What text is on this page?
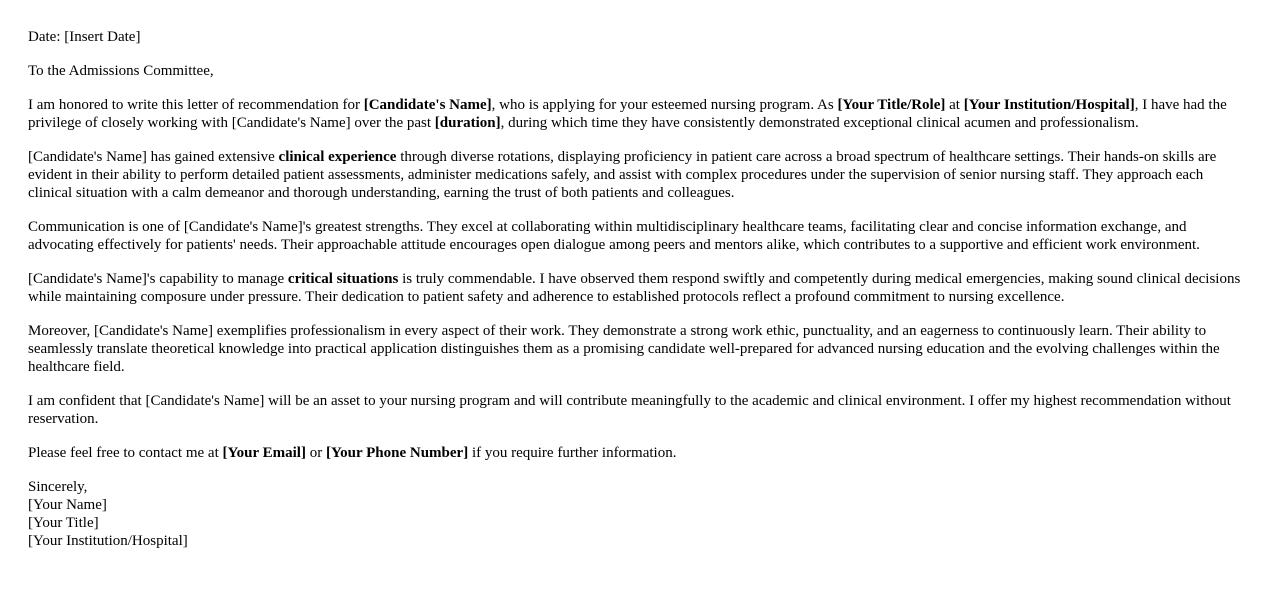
Date: [Insert Date]

To the Admissions Committee,

I am honored to write this letter of recommendation for [Candidate's Name], who is applying for your esteemed nursing program. As [Your Title/Role] at [Your Institution/Hospital], I have had the privilege of closely working with [Candidate's Name] over the past [duration], during which time they have consistently demonstrated exceptional clinical acumen and professionalism.

[Candidate's Name] has gained extensive clinical experience through diverse rotations, displaying proficiency in patient care across a broad spectrum of healthcare settings. Their hands-on skills are evident in their ability to perform detailed patient assessments, administer medications safely, and assist with complex procedures under the supervision of senior nursing staff. They approach each clinical situation with a calm demeanor and thorough understanding, earning the trust of both patients and colleagues.

Communication is one of [Candidate's Name]'s greatest strengths. They excel at collaborating within multidisciplinary healthcare teams, facilitating clear and concise information exchange, and advocating effectively for patients' needs. Their approachable attitude encourages open dialogue among peers and mentors alike, which contributes to a supportive and efficient work environment.

[Candidate's Name]'s capability to manage critical situations is truly commendable. I have observed them respond swiftly and competently during medical emergencies, making sound clinical decisions while maintaining composure under pressure. Their dedication to patient safety and adherence to established protocols reflect a profound commitment to nursing excellence.

Moreover, [Candidate's Name] exemplifies professionalism in every aspect of their work. They demonstrate a strong work ethic, punctuality, and an eagerness to continuously learn. Their ability to seamlessly translate theoretical knowledge into practical application distinguishes them as a promising candidate well-prepared for advanced nursing education and the evolving challenges within the healthcare field.

I am confident that [Candidate's Name] will be an asset to your nursing program and will contribute meaningfully to the academic and clinical environment. I offer my highest recommendation without reservation.

Please feel free to contact me at [Your Email] or [Your Phone Number] if you require further information.

Sincerely,
[Your Name]
[Your Title]
[Your Institution/Hospital]
